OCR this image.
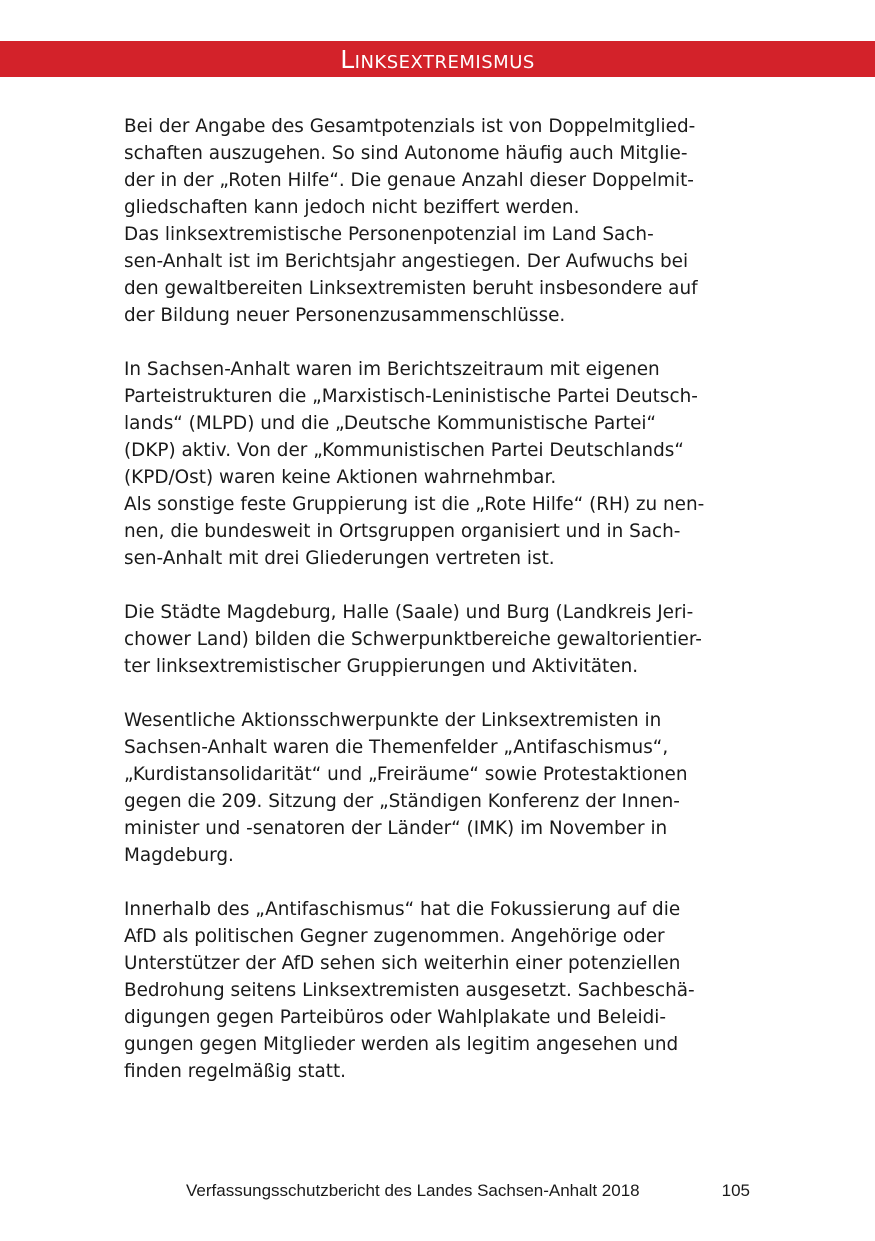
Linksextremismus

Bei der Angabe des Gesamtpotenzials ist von Doppelmitglied-
schaften auszugehen. So sind Autonome häufig auch Mitglie-
der in der „Roten Hilfe“. Die genaue Anzahl dieser Doppelmit-
gliedschaften kann jedoch nicht beziffert werden.
Das linksextremistische Personenpotenzial im Land Sach-
sen-Anhalt ist im Berichtsjahr angestiegen. Der Aufwuchs bei
den gewaltbereiten Linksextremisten beruht insbesondere auf
der Bildung neuer Personenzusammenschlüsse.

In Sachsen-Anhalt waren im Berichtszeitraum mit eigenen
Parteistrukturen die „Marxistisch-Leninistische Partei Deutsch-
lands“ (MLPD) und die „Deutsche Kommunistische Partei“
(DKP) aktiv. Von der „Kommunistischen Partei Deutschlands“
(KPD/Ost) waren keine Aktionen wahrnehmbar.
Als sonstige feste Gruppierung ist die „Rote Hilfe“ (RH) zu nen-
nen, die bundesweit in Ortsgruppen organisiert und in Sach-
sen-Anhalt mit drei Gliederungen vertreten ist.

Die Städte Magdeburg, Halle (Saale) und Burg (Landkreis Jeri-
chower Land) bilden die Schwerpunktbereiche gewaltorientier-
ter linksextremistischer Gruppierungen und Aktivitäten.

Wesentliche Aktionsschwerpunkte der Linksextremisten in
Sachsen-Anhalt waren die Themenfelder „Antifaschismus“,
„Kurdistansolidarität“ und „Freiräume“ sowie Protestaktionen
gegen die 209. Sitzung der „Ständigen Konferenz der Innen-
minister und -senatoren der Länder“ (IMK) im November in
Magdeburg.

Innerhalb des „Antifaschismus“ hat die Fokussierung auf die
AfD als politischen Gegner zugenommen. Angehörige oder
Unterstützer der AfD sehen sich weiterhin einer potenziellen
Bedrohung seitens Linksextremisten ausgesetzt. Sachbeschä-
digungen gegen Parteibüros oder Wahlplakate und Beleidi-
gungen gegen Mitglieder werden als legitim angesehen und
finden regelmäßig statt.

Verfassungsschutzbericht des Landes Sachsen-Anhalt 2018	105
